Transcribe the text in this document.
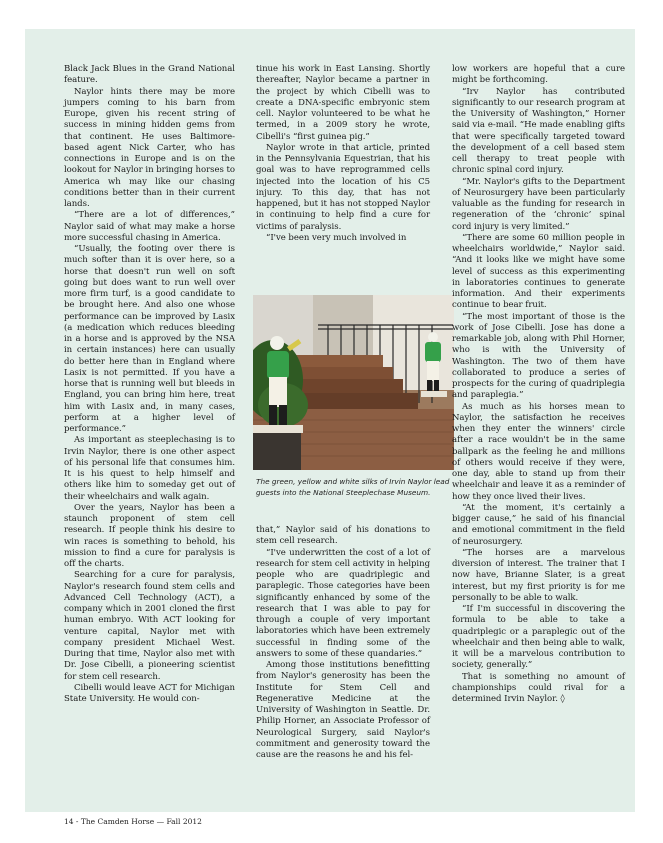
Black Jack Blues in the Grand National feature.

Naylor hints there may be more jumpers coming to his barn from Europe, given his recent string of success in mining hidden gems from that continent. He uses Baltimore-based agent Nick Carter, who has connections in Europe and is on the lookout for Naylor in bringing horses to America wh may like our chasing conditions better than in their current lands.

“There are a lot of differences,” Naylor said of what may make a horse more successful chasing in America.

“Usually, the footing over there is much softer than it is over here, so a horse that doesn't run well on soft going but does want to run well over more firm turf, is a good candidate to be brought here. And also one whose performance can be improved by Lasix (a medication which reduces bleeding in a horse and is approved by the NSA in certain instances) here can usually do better here than in England where Lasix is not permitted. If you have a horse that is running well but bleeds in England, you can bring him here, treat him with Lasix and, in many cases, perform at a higher level of performance.”

As important as steeplechasing is to Irvin Naylor, there is one other aspect of his personal life that consumes him. It is his quest to help himself and others like him to someday get out of their wheelchairs and walk again.

Over the years, Naylor has been a staunch proponent of stem cell research. If people think his desire to win races is something to behold, his mission to find a cure for paralysis is off the charts.

Searching for a cure for paralysis, Naylor's research found stem cells and Advanced Cell Technology (ACT), a company which in 2001 cloned the first human embryo. With ACT looking for venture capital, Naylor met with company president Michael West. During that time, Naylor also met with Dr. Jose Cibelli, a pioneering scientist for stem cell research.

Cibelli would leave ACT for Michigan State University. He would con-

tinue his work in East Lansing. Shortly thereafter, Naylor became a partner in the project by which Cibelli was to create a DNA-specific embryonic stem cell. Naylor volunteered to be what he termed, in a 2009 story he wrote, Cibelli's “first guinea pig.”

Naylor wrote in that article, printed in the Pennsylvania Equestrian, that his goal was to have reprogrammed cells injected into the location of his C5 injury. To this day, that has not happened, but it has not stopped Naylor in continuing to help find a cure for victims of paralysis.

“I've been very much involved in

The green, yellow and white silks of Irvin Naylor lead guests into the National Steeplechase Museum.

that,” Naylor said of his donations to stem cell research.

“I've underwritten the cost of a lot of research for stem cell activity in helping people who are quadriplegic and paraplegic. Those categories have been significantly enhanced by some of the research that I was able to pay for through a couple of very important laboratories which have been extremely successful in finding some of the answers to some of these quandaries.”

Among those institutions benefitting from Naylor's generosity has been the Institute for Stem Cell and Regenerative Medicine at the University of Washington in Seattle. Dr. Philip Horner, an Associate Professor of Neurological Surgery, said Naylor's commitment and generosity toward the cause are the reasons he and his fel-

low workers are hopeful that a cure might be forthcoming.

“Irv Naylor has contributed significantly to our research program at the University of Washington,” Horner said via e-mail. “He made enabling gifts that were specifically targeted toward the development of a cell based stem cell therapy to treat people with chronic spinal cord injury.

“Mr. Naylor's gifts to the Department of Neurosurgery have been particularly valuable as the funding for research in regeneration of the ‘chronic’ spinal cord injury is very limited.”

“There are some 60 million people in wheelchairs worldwide,” Naylor said. “And it looks like we might have some level of success as this experimenting in laboratories continues to generate information. And their experiments continue to bear fruit.

“The most important of those is the work of Jose Cibelli. Jose has done a remarkable job, along with Phil Horner, who is with the University of Washington. The two of them have collaborated to produce a series of prospects for the curing of quadriplegia and paraplegia.”

As much as his horses mean to Naylor, the satisfaction he receives when they enter the winners' circle after a race wouldn't be in the same ballpark as the feeling he and millions of others would receive if they were, one day, able to stand up from their wheelchair and leave it as a reminder of how they once lived their lives.

“At the moment, it's certainly a bigger cause,” he said of his financial and emotional commitment in the field of neurosurgery.

“The horses are a marvelous diversion of interest. The trainer that I now have, Brianne Slater, is a great interest, but my first priority is for me personally to be able to walk.

“If I'm successful in discovering the formula to be able to take a quadriplegic or a paraplegic out of the wheelchair and then being able to walk, it will be a marvelous contribution to society, generally.”

That is something no amount of championships could rival for a determined Irvin Naylor. ◊

14 - The Camden Horse — Fall 2012
